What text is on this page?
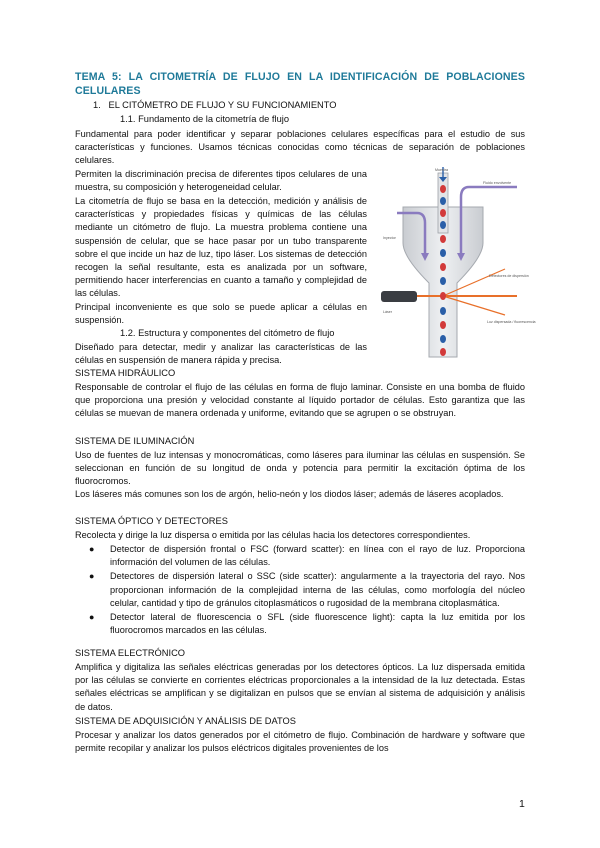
TEMA 5: LA CITOMETRÍA DE FLUJO EN LA IDENTIFICACIÓN DE POBLACIONES CELULARES
1. EL CITÓMETRO DE FLUJO Y SU FUNCIONAMIENTO
1.1. Fundamento de la citometría de flujo
Fundamental para poder identificar y separar poblaciones celulares específicas para el estudio de sus características y funciones. Usamos técnicas conocidas como técnicas de separación de poblaciones celulares.
Permiten la discriminación precisa de diferentes tipos celulares de una muestra, su composición y heterogeneidad celular.
La citometría de flujo se basa en la detección, medición y análisis de características y propiedades físicas y químicas de las células mediante un citómetro de flujo. La muestra problema contiene una suspensión de celular, que se hace pasar por un tubo transparente sobre el que incide un haz de luz, tipo láser. Los sistemas de detección recogen la señal resultante, esta es analizada por un software, permitiendo hacer interferencias en cuanto a tamaño y complejidad de las células.
Principal inconveniente es que solo se puede aplicar a células en suspensión.
1.2. Estructura y componentes del citómetro de flujo
Diseñado para detectar, medir y analizar las características de las células en suspensión de manera rápida y precisa.
Muestra
Fluido envolvente
Inyector
Detectores de dispersión
Luz dispersada / fluorescencia
Láser
SISTEMA HIDRÁULICO
Responsable de controlar el flujo de las células en forma de flujo laminar. Consiste en una bomba de fluido que proporciona una presión y velocidad constante al líquido portador de células. Esto garantiza que las células se muevan de manera ordenada y uniforme, evitando que se agrupen o se obstruyan.
SISTEMA DE ILUMINACIÓN
Uso de fuentes de luz intensas y monocromáticas, como láseres para iluminar las células en suspensión. Se seleccionan en función de su longitud de onda y potencia para permitir la excitación óptima de los fluorocromos.
Los láseres más comunes son los de argón, helio-neón y los diodos láser; además de láseres acoplados.
SISTEMA ÓPTICO Y DETECTORES
Recolecta y dirige la luz dispersa o emitida por las células hacia los detectores correspondientes.
● Detector de dispersión frontal o FSC (forward scatter): en línea con el rayo de luz. Proporciona información del volumen de las células.
● Detectores de dispersión lateral o SSC (side scatter): angularmente a la trayectoria del rayo. Nos proporcionan información de la complejidad interna de las células, como morfología del núcleo celular, cantidad y tipo de gránulos citoplasmáticos o rugosidad de la membrana citoplasmática.
● Detector lateral de fluorescencia o SFL (side fluorescence light): capta la luz emitida por los fluorocromos marcados en las células.
SISTEMA ELECTRÓNICO
Amplifica y digitaliza las señales eléctricas generadas por los detectores ópticos. La luz dispersada emitida por las células se convierte en corrientes eléctricas proporcionales a la intensidad de la luz detectada. Estas señales eléctricas se amplifican y se digitalizan en pulsos que se envían al sistema de adquisición y análisis de datos.
SISTEMA DE ADQUISICIÓN Y ANÁLISIS DE DATOS
Procesar y analizar los datos generados por el citómetro de flujo. Combinación de hardware y software que permite recopilar y analizar los pulsos eléctricos digitales provenientes de los
1
